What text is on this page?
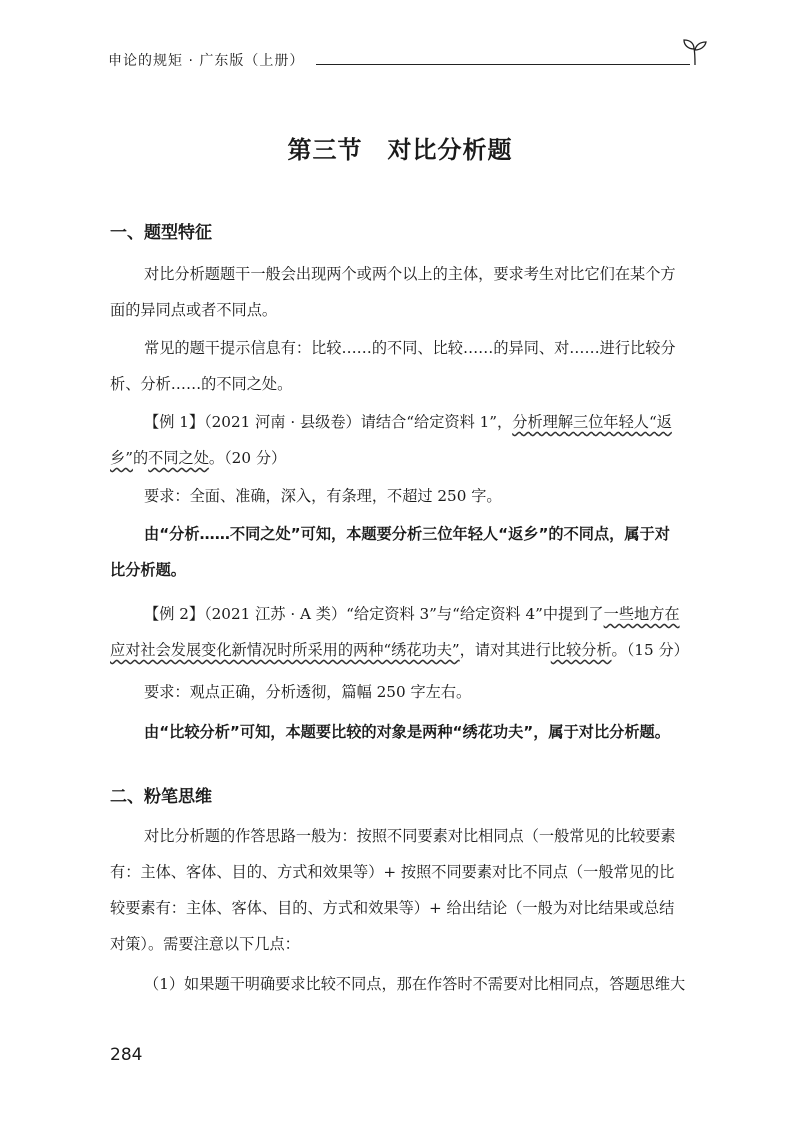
申论的规矩 · 广东版（上册）
第三节　对比分析题
一、题型特征
对比分析题题干一般会出现两个或两个以上的主体，要求考生对比它们在某个方
面的异同点或者不同点。
常见的题干提示信息有：比较……的不同、比较……的异同、对……进行比较分
析、分析……的不同之处。
【例 1】（2021 河南 · 县级卷）请结合“给定资料 1”，分析理解三位年轻人“返
乡”的不同之处。（20 分）
要求：全面、准确，深入，有条理，不超过 250 字。
由“分析……不同之处”可知，本题要分析三位年轻人“返乡”的不同点，属于对
比分析题。
【例 2】（2021 江苏 · A 类）“给定资料 3”与“给定资料 4”中提到了一些地方在
应对社会发展变化新情况时所采用的两种“绣花功夫”，请对其进行比较分析。（15 分）
要求：观点正确，分析透彻，篇幅 250 字左右。
由“比较分析”可知，本题要比较的对象是两种“绣花功夫”，属于对比分析题。
二、粉笔思维
对比分析题的作答思路一般为：按照不同要素对比相同点（一般常见的比较要素
有：主体、客体、目的、方式和效果等）+ 按照不同要素对比不同点（一般常见的比
较要素有：主体、客体、目的、方式和效果等）+ 给出结论（一般为对比结果或总结
对策）。需要注意以下几点：
（1）如果题干明确要求比较不同点，那在作答时不需要对比相同点，答题思维大
284
